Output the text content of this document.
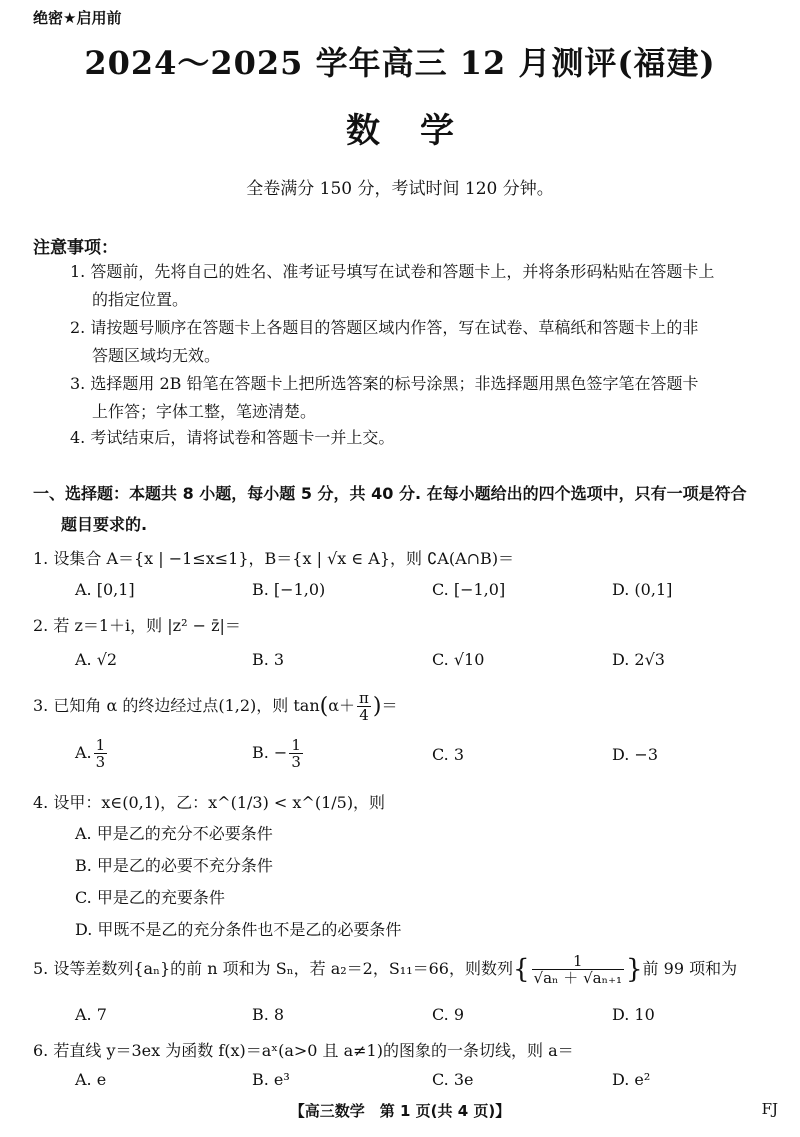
绝密★启用前
2024～2025 学年高三 12 月测评(福建)
数学
全卷满分 150 分，考试时间 120 分钟。
注意事项：
1. 答题前，先将自己的姓名、准考证号填写在试卷和答题卡上，并将条形码粘贴在答题卡上
的指定位置。
2. 请按题号顺序在答题卡上各题目的答题区域内作答，写在试卷、草稿纸和答题卡上的非
答题区域均无效。
3. 选择题用 2B 铅笔在答题卡上把所选答案的标号涂黑；非选择题用黑色签字笔在答题卡
上作答；字体工整，笔迹清楚。
4. 考试结束后，请将试卷和答题卡一并上交。
一、选择题：本题共 8 小题，每小题 5 分，共 40 分. 在每小题给出的四个选项中，只有一项是符合
题目要求的.
1. 设集合 A＝{x | −1≤x≤1}，B＝{x | √x ∈ A}，则 ∁A(A∩B)＝
A. [0,1]	B. [−1,0)	C. [−1,0]	D. (0,1]
2. 若 z＝1＋i，则 |z² − z̄|＝
A. √2	B. 3	C. √10	D. 2√3
3. 已知角 α 的终边经过点(1,2)，则 $\tan(\alpha+ \frac{\pi}{4}$ )＝
A. $\frac{1}{3}$	B. − $\frac{1}{3}$	C. 3	D. −3
4. 设甲：x∈(0,1)，乙：x^(1/3) < x^(1/5)，则
A. 甲是乙的充分不必要条件
B. 甲是乙的必要不充分条件
C. 甲是乙的充要条件
D. 甲既不是乙的充分条件也不是乙的必要条件
5. 设等差数列{aₙ}的前 n 项和为 Sₙ，若 a₂＝2，S₁₁＝66，则数列{ $\frac{1}{\text{√aₙ ＋ √aₙ₊₁}}$ }前 99 项和为
A. 7	B. 8	C. 9	D. 10
6. 若直线 y＝3ex 为函数 f(x)＝aˣ(a>0 且 a≠1)的图象的一条切线，则 a＝
A. e	B. e³	C. 3e	D. e²
【高三数学　第 1 页(共 4 页)】	FJ
